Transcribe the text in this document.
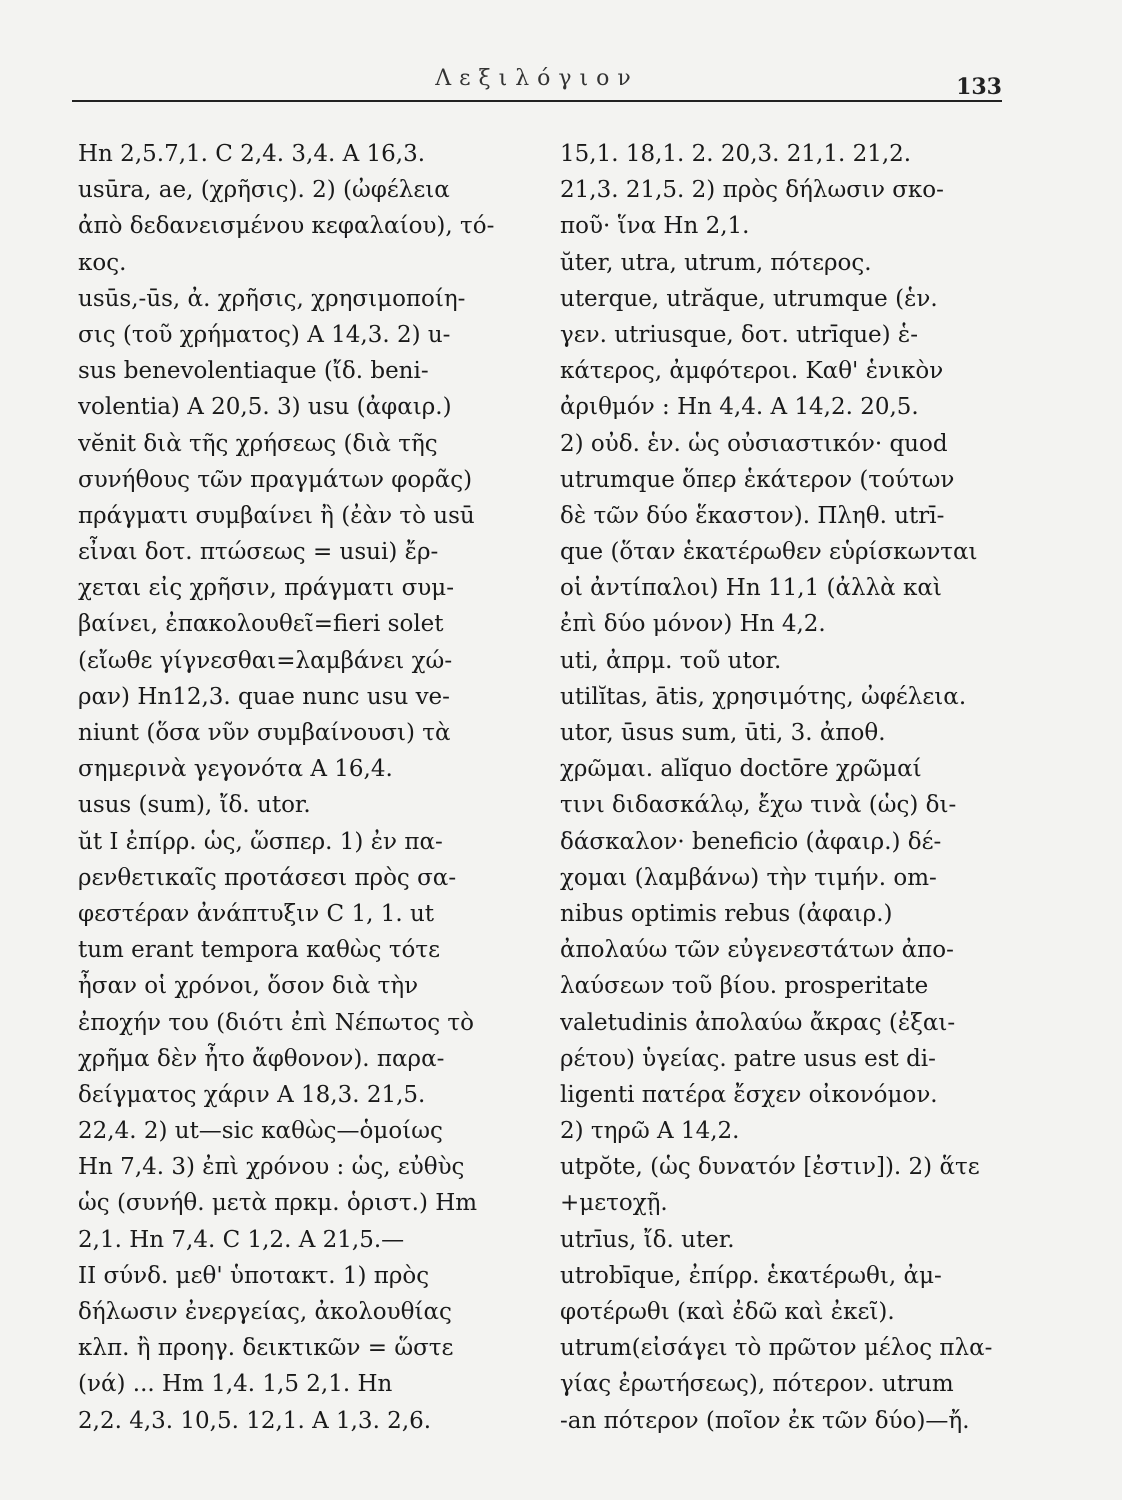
Λεξιλόγιον	133
Hn 2,5.7,1. C 2,4. 3,4. A 16,3.
usūra, ae, (χρῆσις). 2) (ὠφέλεια
ἀπὸ δεδανεισμένου κεφαλαίου), τό-
κος.
usūs,-ūs, ἀ. χρῆσις, χρησιμοποίη-
σις (τοῦ χρήματος) A 14,3. 2) u-
sus benevolentiaque (ἴδ. beni-
volentia) A 20,5. 3) usu (ἀφαιρ.)
vĕnit διὰ τῆς χρήσεως (διὰ τῆς
συνήθους τῶν πραγμάτων φορᾶς)
πράγματι συμβαίνει ἢ (ἐὰν τὸ usū
εἶναι δοτ. πτώσεως = usui) ἔρ-
χεται εἰς χρῆσιν, πράγματι συμ-
βαίνει, ἐπακολουθεῖ=fieri solet
(εἴωθε γίγνεσθαι=λαμβάνει χώ-
ραν) Hn12,3. quae nunc usu ve-
niunt (ὅσα νῦν συμβαίνουσι) τὰ
σημερινὰ γεγονότα A 16,4.
usus (sum), ἴδ. utor.
ŭt I ἐπίρρ. ὡς, ὥσπερ. 1) ἐν πα-
ρενθετικαῖς προτάσεσι πρὸς σα-
φεστέραν ἀνάπτυξιν C 1, 1. ut
tum erant tempora καθὼς τότε
ἦσαν οἱ χρόνοι, ὅσον διὰ τὴν
ἐποχήν του (διότι ἐπὶ Νέπωτος τὸ
χρῆμα δὲν ἦτο ἄφθονον). παρα-
δείγματος χάριν A 18,3. 21,5.
22,4. 2) ut—sic καθὼς—ὁμοίως
Hn 7,4. 3) ἐπὶ χρόνου : ὡς, εὐθὺς
ὡς (συνήθ. μετὰ πρκμ. ὁριστ.) Hm
2,1. Hn 7,4. C 1,2. A 21,5.—
II σύνδ. μεθ' ὑποτακτ. 1) πρὸς
δήλωσιν ἐνεργείας, ἀκολουθίας
κλπ. ἢ προηγ. δεικτικῶν = ὥστε
(νά) ... Hm 1,4. 1,5 2,1. Hn
2,2. 4,3. 10,5. 12,1. A 1,3. 2,6.
15,1. 18,1. 2. 20,3. 21,1. 21,2.
21,3. 21,5. 2) πρὸς δήλωσιν σκο-
ποῦ· ἵνα Hn 2,1.
ŭter, utra, utrum, πότερος.
uterque, utrăque, utrumque (ἑν.
γεν. utriusque, δοτ. utrīque) ἑ-
κάτερος, ἀμφότεροι. Καθ' ἑνικὸν
ἀριθμόν : Hn 4,4. A 14,2. 20,5.
2) οὐδ. ἑν. ὡς οὐσιαστικόν· quod
utrumque ὅπερ ἑκάτερον (τούτων
δὲ τῶν δύο ἕκαστον). Πληθ. utrī-
que (ὅταν ἑκατέρωθεν εὑρίσκωνται
οἱ ἀντίπαλοι) Hn 11,1 (ἀλλὰ καὶ
ἐπὶ δύο μόνον) Hn 4,2.
uti, ἀπρμ. τοῦ utor.
utilĭtas, ātis, χρησιμότης, ὠφέλεια.
utor, ūsus sum, ūti, 3. ἀποθ.
χρῶμαι. alĭquo doctōre χρῶμαί
τινι διδασκάλῳ, ἔχω τινὰ (ὡς) δι-
δάσκαλον· beneficio (ἀφαιρ.) δέ-
χομαι (λαμβάνω) τὴν τιμήν. om-
nibus optimis rebus (ἀφαιρ.)
ἀπολαύω τῶν εὐγενεστάτων ἀπο-
λαύσεων τοῦ βίου. prosperitate
valetudinis ἀπολαύω ἄκρας (ἐξαι-
ρέτου) ὑγείας. patre usus est di-
ligenti πατέρα ἔσχεν οἰκονόμον.
2) τηρῶ A 14,2.
utpŏte, (ὡς δυνατόν [ἐστιν]). 2) ἅτε
+μετοχῇ.
utrīus, ἴδ. uter.
utrobīque, ἐπίρρ. ἑκατέρωθι, ἀμ-
φοτέρωθι (καὶ ἐδῶ καὶ ἐκεῖ).
utrum(εἰσάγει τὸ πρῶτον μέλος πλα-
γίας ἐρωτήσεως), πότερον. utrum
-an πότερον (ποῖον ἐκ τῶν δύο)—ἤ.
